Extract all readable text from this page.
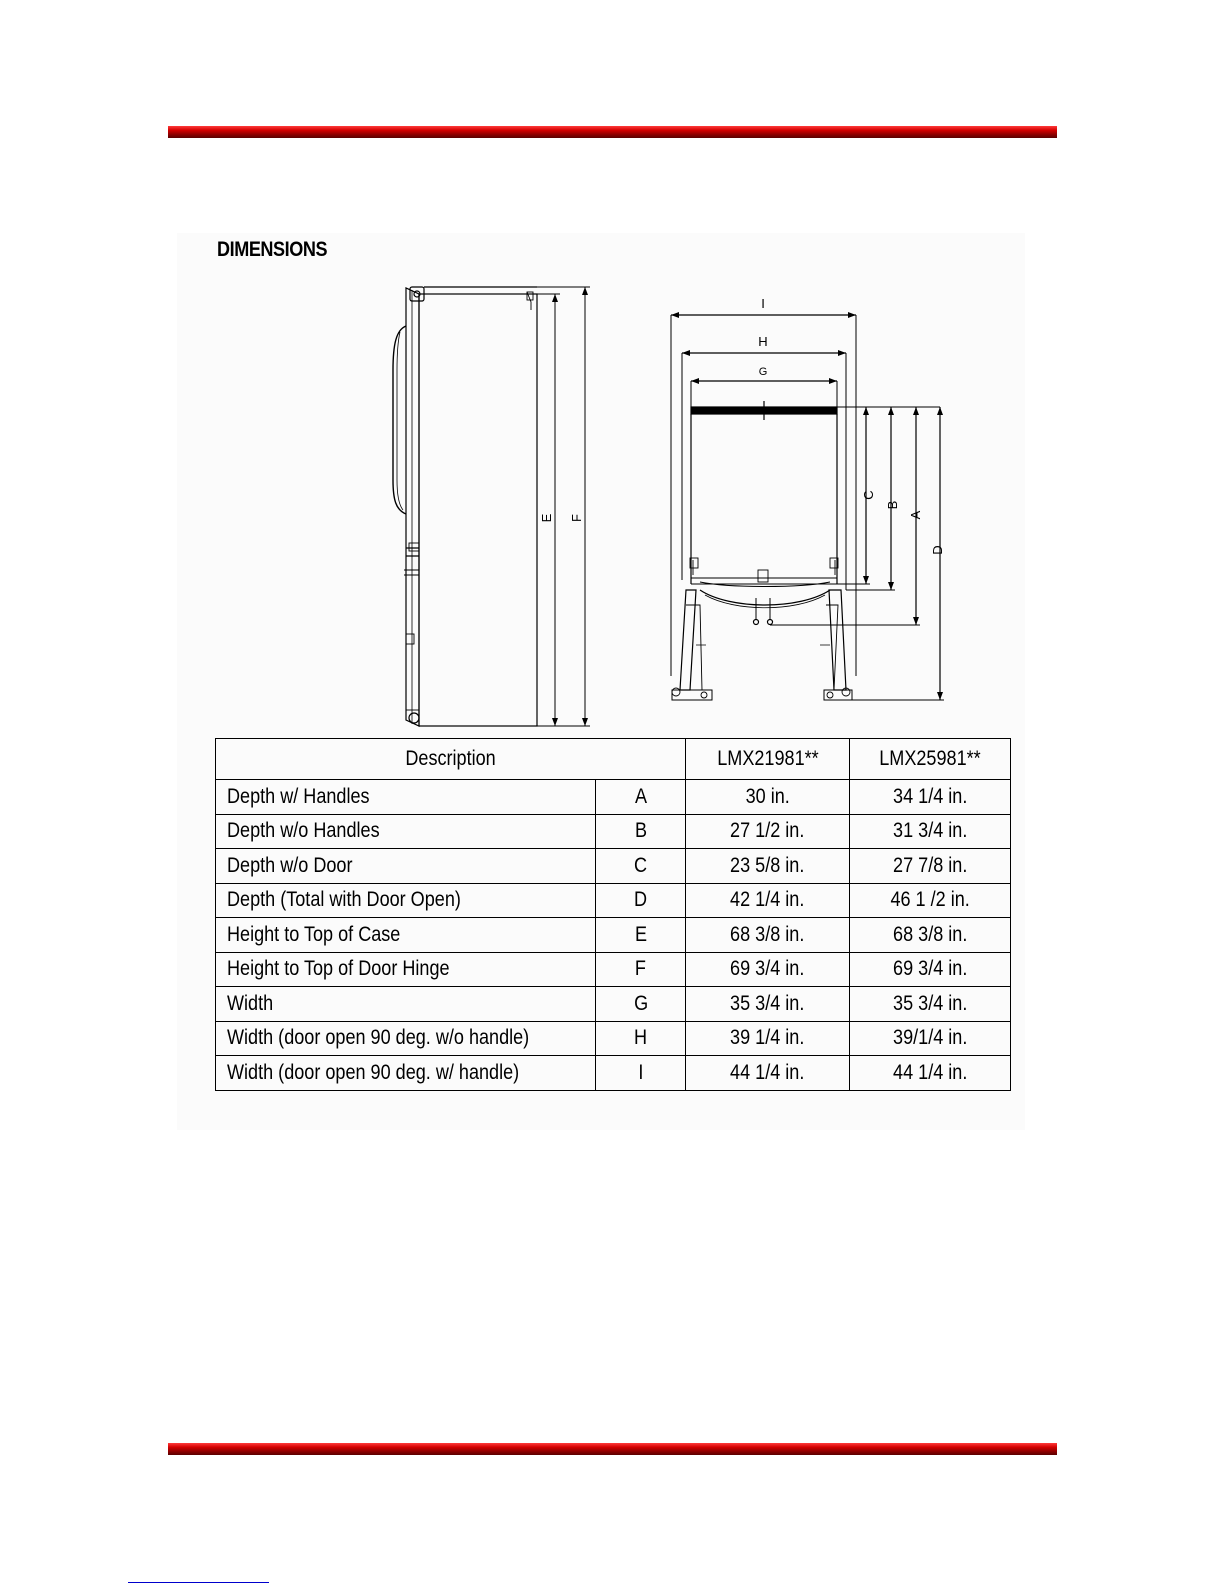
DIMENSIONS
E F
I
H
G
C
B
A
D
Description		LMX21981**	LMX25981**
Depth w/ Handles	A	30 in.	34 1/4 in.
Depth w/o Handles	B	27 1/2 in.	31 3/4 in.
Depth w/o Door	C	23 5/8 in.	27 7/8 in.
Depth (Total with Door Open)	D	42 1/4 in.	46 1 /2 in.
Height to Top of Case	E	68 3/8 in.	68 3/8 in.
Height to Top of Door Hinge	F	69 3/4 in.	69 3/4 in.
Width	G	35 3/4 in.	35 3/4 in.
Width (door open 90 deg. w/o handle)	H	39 1/4 in.	39/1/4 in.
Width (door open 90 deg. w/ handle)	I	44 1/4 in.	44 1/4 in.
